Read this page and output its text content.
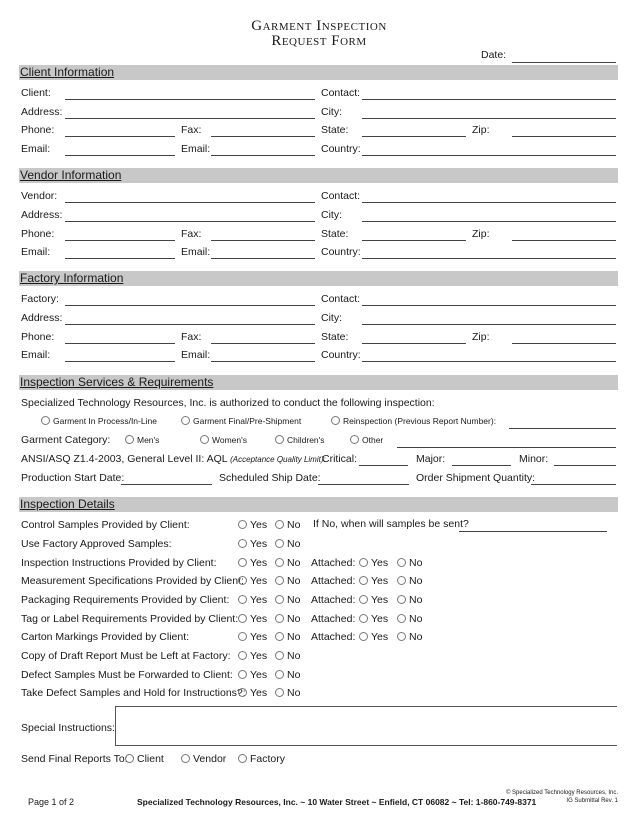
Garment Inspection
Request Form
Date:
Client Information
Client:	Contact:
Address:	City:
Phone:	Fax:	State:	Zip:
Email:	Email:	Country:
Vendor Information
Vendor:	Contact:
Address:	City:
Phone:	Fax:	State:	Zip:
Email:	Email:	Country:
Factory Information
Factory:	Contact:
Address:	City:
Phone:	Fax:	State:	Zip:
Email:	Email:	Country:
Inspection Services & Requirements
Specialized Technology Resources, Inc. is authorized to conduct the following inspection:
Garment In Process/In-Line	Garment Final/Pre-Shipment	Reinspection (Previous Report Number):
Garment Category:	Men's	Women's	Children's	Other
ANSI/ASQ Z1.4-2003, General Level II: AQL (Acceptance Quality Limit):
Critical:	Major:	Minor:
Production Start Date:	Scheduled Ship Date:	Order Shipment Quantity:
Inspection Details
Control Samples Provided by Client:	Yes	No If No, when will samples be sent?
Use Factory Approved Samples:	Yes	No
Inspection Instructions Provided by Client:	Yes	No Attached:	Yes	No
Measurement Specifications Provided by Client: Yes	No Attached:	Yes	No
Packaging Requirements Provided by Client:	Yes	No Attached:	Yes	No
Tag or Label Requirements Provided by Client:	Yes	No Attached:	Yes	No
Carton Markings Provided by Client:	Yes	No Attached:	Yes	No
Copy of Draft Report Must be Left at Factory:	Yes	No
Defect Samples Must be Forwarded to Client:	Yes	No
Take Defect Samples and Hold for Instructions?: Yes	No
Special Instructions:
Send Final Reports To: Client	Vendor	Factory
Page 1 of 2	Specialized Technology Resources, Inc. ~ 10 Water Street ~ Enfield, CT 06082 ~ Tel: 1-860-749-8371
© Specialized Technology Resources, Inc.
IG Submittal Rev. 1
